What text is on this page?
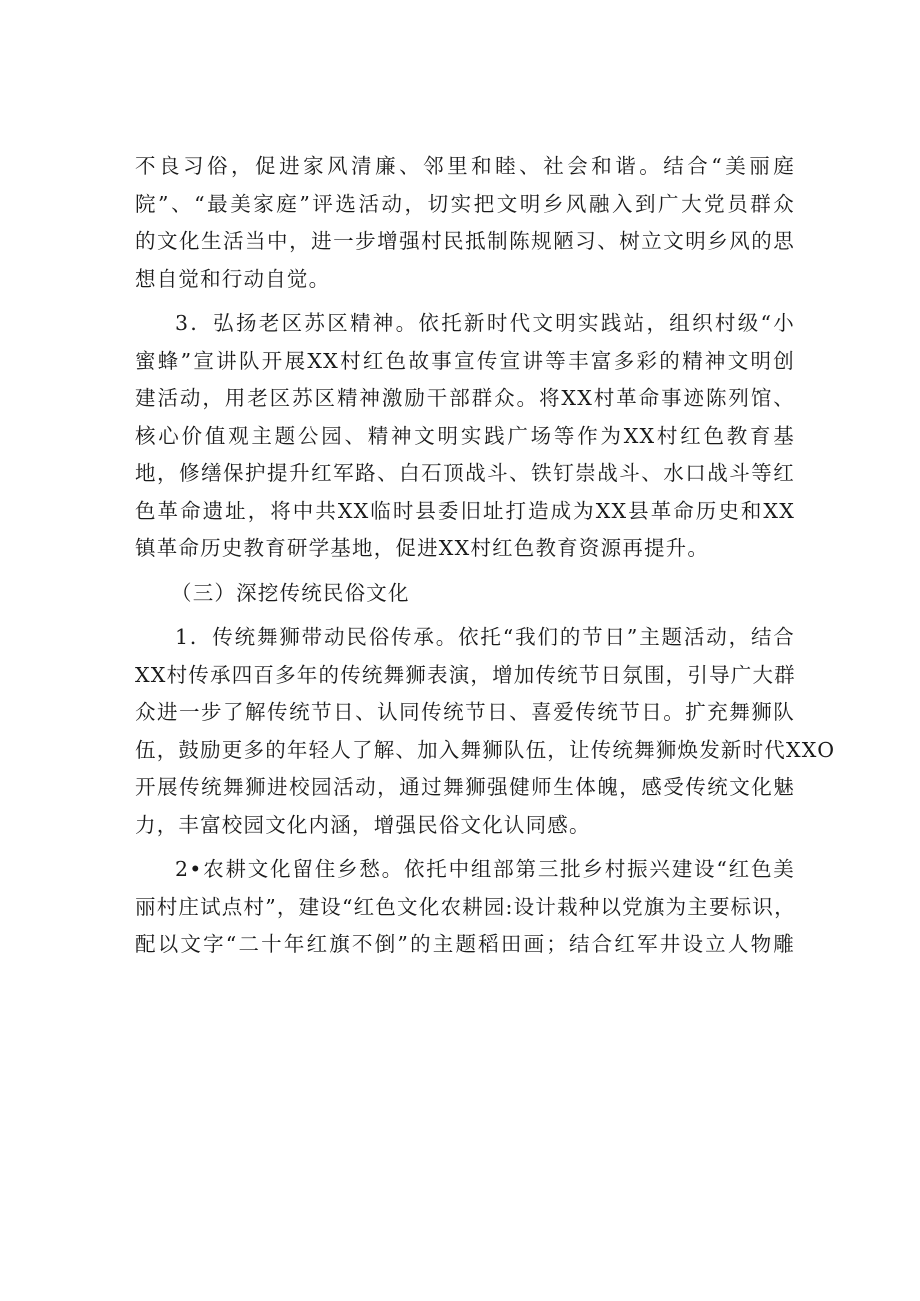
不良习俗，促进家风清廉、邻里和睦、社会和谐。结合“美丽庭
院”、“最美家庭”评选活动，切实把文明乡风融入到广大党员群众
的文化生活当中，进一步增强村民抵制陈规陋习、树立文明乡风的思
想自觉和行动自觉。
3．弘扬老区苏区精神。依托新时代文明实践站，组织村级“小
蜜蜂”宣讲队开展XX村红色故事宣传宣讲等丰富多彩的精神文明创
建活动，用老区苏区精神激励干部群众。将XX村革命事迹陈列馆、
核心价值观主题公园、精神文明实践广场等作为XX村红色教育基
地，修缮保护提升红军路、白石顶战斗、铁钉崇战斗、水口战斗等红
色革命遗址，将中共XX临时县委旧址打造成为XX县革命历史和XX
镇革命历史教育研学基地，促进XX村红色教育资源再提升。
（三）深挖传统民俗文化
1．传统舞狮带动民俗传承。依托“我们的节日”主题活动，结合
XX村传承四百多年的传统舞狮表演，增加传统节日氛围，引导广大群
众进一步了解传统节日、认同传统节日、喜爱传统节日。扩充舞狮队
伍，鼓励更多的年轻人了解、加入舞狮队伍，让传统舞狮焕发新时代XXO
开展传统舞狮进校园活动，通过舞狮强健师生体魄，感受传统文化魅
力，丰富校园文化内涵，增强民俗文化认同感。
2•农耕文化留住乡愁。依托中组部第三批乡村振兴建设“红色美
丽村庄试点村”，建设“红色文化农耕园:设计栽种以党旗为主要标识，
配以文字“二十年红旗不倒”的主题稻田画；结合红军井设立人物雕
